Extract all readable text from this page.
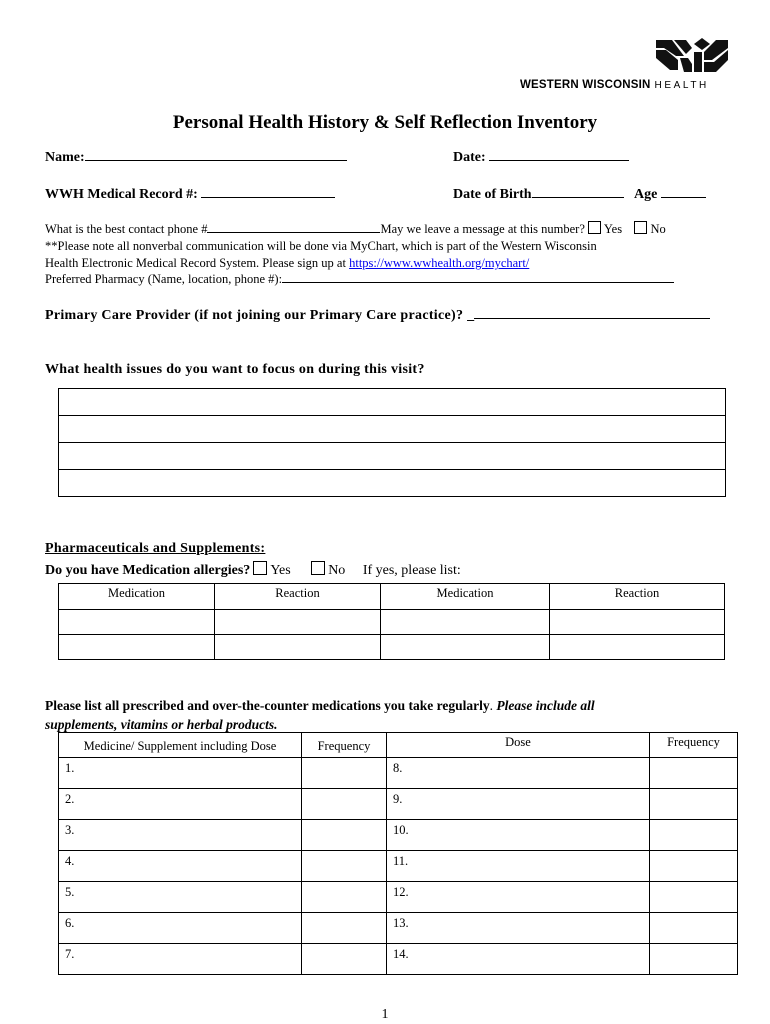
WESTERN WISCONSIN HEALTH
Personal Health History & Self Reflection Inventory
Name:	Date:
WWH Medical Record #:	Date of Birth	Age
What is the best contact phone #	May we leave a message at this number? Yes No
**Please note all nonverbal communication will be done via MyChart, which is part of the Western Wisconsin
Health Electronic Medical Record System. Please sign up at https://www.wwhealth.org/mychart/
Preferred Pharmacy (Name, location, phone #):
Primary Care Provider (if not joining our Primary Care practice)? _
What health issues do you want to focus on during this visit?

Pharmaceuticals and Supplements:
Do you have Medication allergies? Yes	No If yes, please list:
Medication	Reaction	Medication	Reaction

Please list all prescribed and over-the-counter medications you take regularly. Please include all
supplements, vitamins or herbal products.
Medicine/ Supplement including Dose	Frequency	Dose	Frequency
1.		8.	
2.		9.	
3.		10.	
4.		11.	
5.		12.	
6.		13.	
7.		14.	
1
